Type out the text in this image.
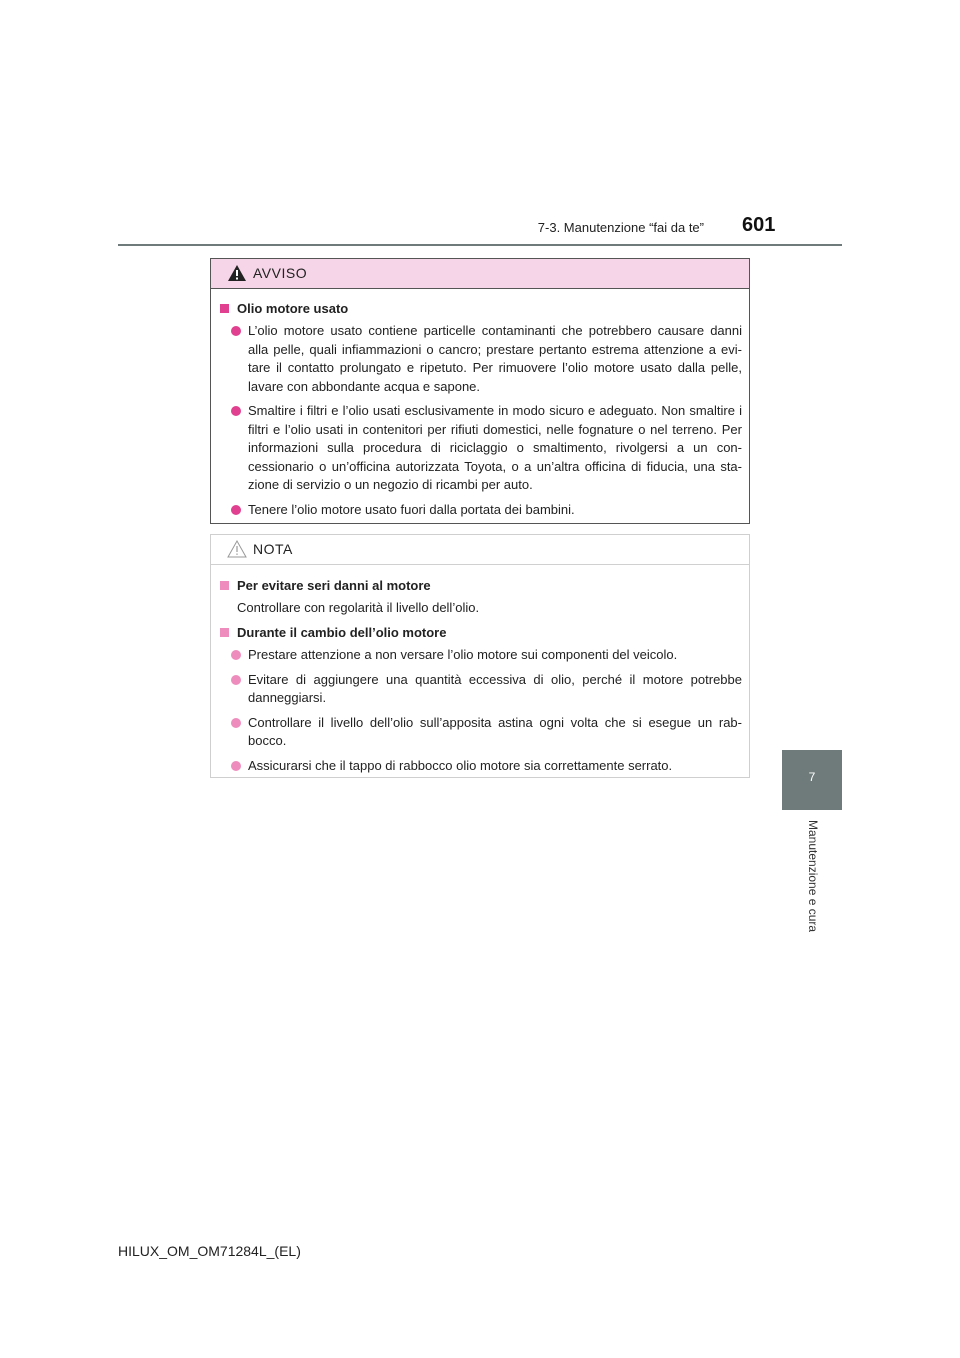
7-3. Manutenzione “fai da te” 601
7
Manutenzione e cura
AVVISO
Olio motore usato
L’olio motore usato contiene particelle contaminanti che potrebbero causare danni alla pelle, quali infiammazioni o cancro; prestare pertanto estrema attenzione a evi-tare il contatto prolungato e ripetuto. Per rimuovere l’olio motore usato dalla pelle, lavare con abbondante acqua e sapone.
Smaltire i filtri e l’olio usati esclusivamente in modo sicuro e adeguato. Non smaltire i filtri e l’olio usati in contenitori per rifiuti domestici, nelle fognature o nel terreno. Per informazioni sulla procedura di riciclaggio o smaltimento, rivolgersi a un con-cessionario o un’officina autorizzata Toyota, o a un’altra officina di fiducia, una sta-zione di servizio o un negozio di ricambi per auto.
Tenere l’olio motore usato fuori dalla portata dei bambini.
NOTA
Per evitare seri danni al motore
Controllare con regolarità il livello dell’olio.
Durante il cambio dell’olio motore
Prestare attenzione a non versare l’olio motore sui componenti del veicolo.
Evitare di aggiungere una quantità eccessiva di olio, perché il motore potrebbe danneggiarsi.
Controllare il livello dell’olio sull’apposita astina ogni volta che si esegue un rab-bocco.
Assicurarsi che il tappo di rabbocco olio motore sia correttamente serrato.
HILUX_OM_OM71284L_(EL)
